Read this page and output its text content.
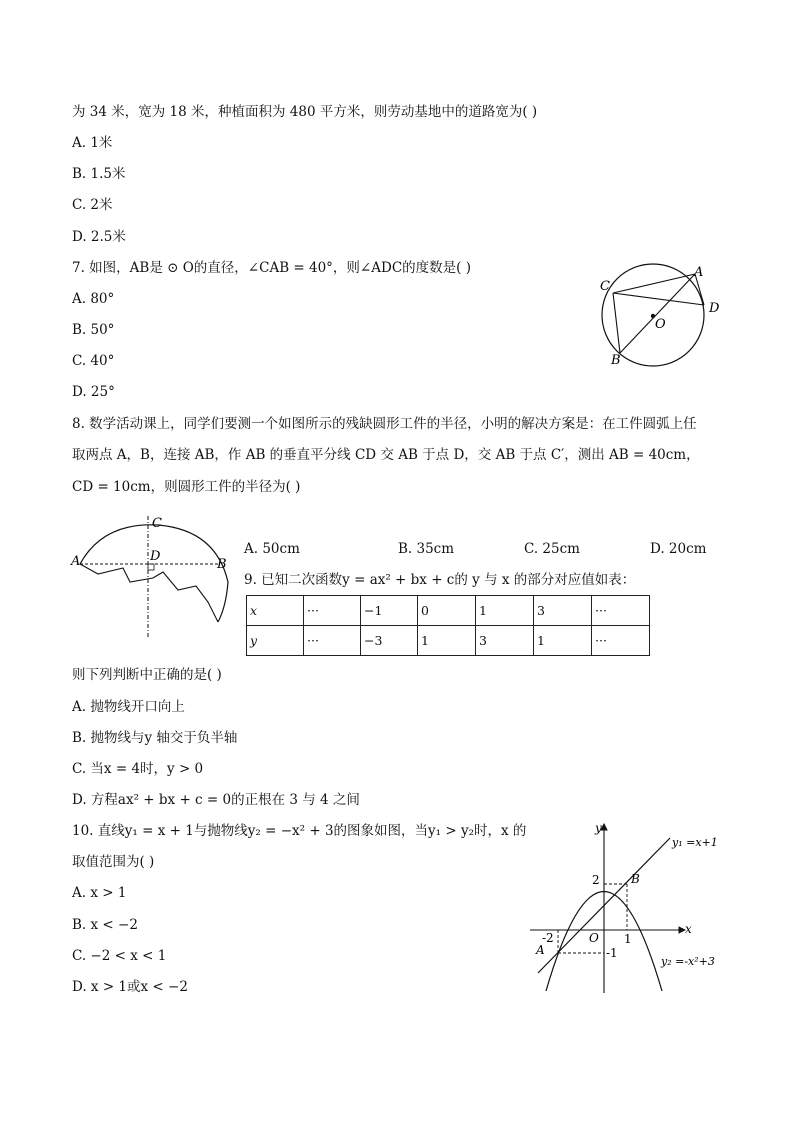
为 34 米，宽为 18 米，种植面积为 480 平方米，则劳动基地中的道路宽为( )
A. 1米
B. 1.5米
C. 2米
D. 2.5米
7. 如图，AB是 ⊙ O的直径，∠CAB = 40°，则∠ADC的度数是( )
A. 80°
B. 50°
C. 40°
D. 25°
C
A
D
O
B
8. 数学活动课上，同学们要测一个如图所示的残缺圆形工件的半径，小明的解决方案是：在工件圆弧上任
取两点 A，B，连接 AB，作 AB 的垂直平分线 CD 交 AB 于点 D，交 AB 于点 C′，测出 AB = 40cm，
CD = 10cm，则圆形工件的半径为( )
C
A	D
B
A. 50cm	B. 35cm	C. 25cm	D. 20cm
9. 已知二次函数y = ax² + bx + c的 y 与 x 的部分对应值如表：
x	···	−1	0	1	3	···
y	···	−3	1	3	1	···
则下列判断中正确的是( )
A. 抛物线开口向上
B. 抛物线与y 轴交于负半轴
C. 当x = 4时，y > 0
D. 方程ax² + bx + c = 0的正根在 3 与 4 之间
10. 直线y₁ = x + 1与抛物线y₂ = −x² + 3的图象如图，当y₁ > y₂时，x 的
取值范围为( )
A. x > 1
B. x < −2
C. −2 < x < 1
D. x > 1或x < −2
y
x
O
y₁ =x+1
y₂ =-x²+3
B
A
2
1
-2
-1
